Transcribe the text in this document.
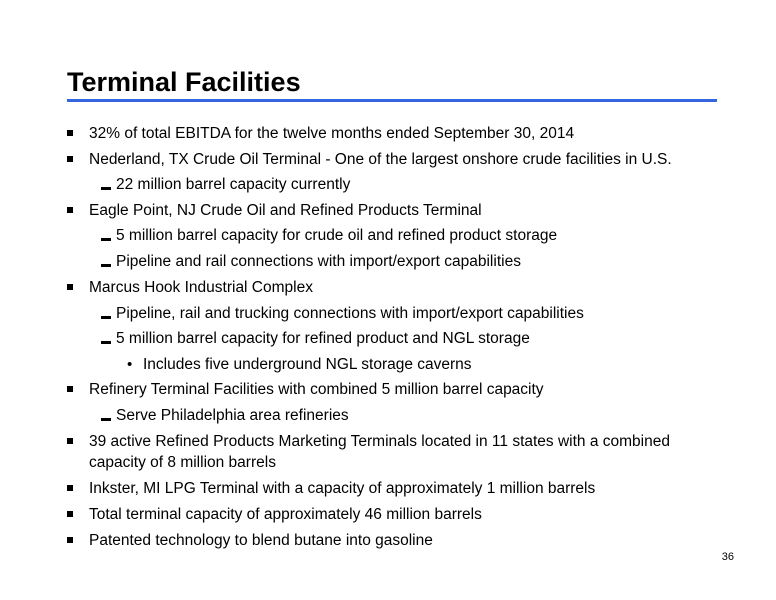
Terminal Facilities
32% of total EBITDA for the twelve months ended September 30, 2014
Nederland, TX Crude Oil Terminal - One of the largest onshore crude facilities in U.S.
22 million barrel capacity currently
Eagle Point, NJ Crude Oil and Refined Products Terminal
5 million barrel capacity for crude oil and refined product storage
Pipeline and rail connections with import/export capabilities
Marcus Hook Industrial Complex
Pipeline, rail and trucking connections with import/export capabilities
5 million barrel capacity for refined product and NGL storage
• Includes five underground NGL storage caverns
Refinery Terminal Facilities with combined 5 million barrel capacity
Serve Philadelphia area refineries
39 active Refined Products Marketing Terminals located in 11 states with a combined
capacity of 8 million barrels
Inkster, MI LPG Terminal with a capacity of approximately 1 million barrels
Total terminal capacity of approximately 46 million barrels
Patented technology to blend butane into gasoline
36
